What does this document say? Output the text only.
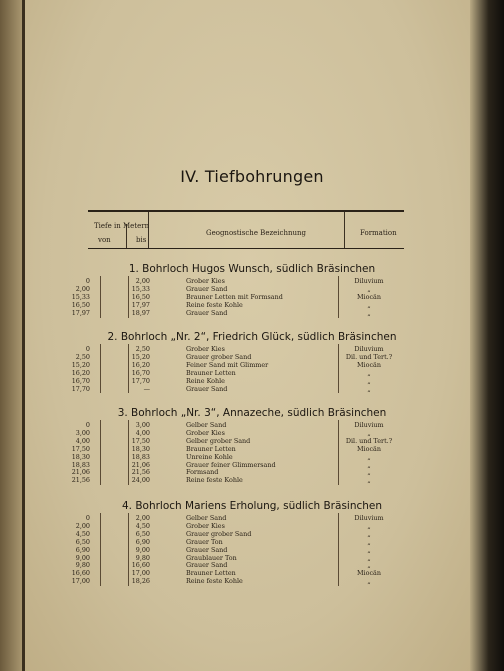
IV. Tiefbohrungen
Tiefe in Metern
von	bis
Geognostische Bezeichnung	Formation
1. Bohrloch Hugos Wunsch, südlich Bräsinchen
0	2,00	Grober Kies	Diluvium
2,00	15,33	Grauer Sand	„
15,33	16,50	Brauner Letten mit Formsand	Miocän
16,50	17,97	Reine feste Kohle	„
17,97	18,97	Grauer Sand	„
2. Bohrloch „Nr. 2“, Friedrich Glück, südlich Bräsinchen
0	2,50	Grober Kies	Diluvium
2,50	15,20	Grauer grober Sand	Dil. und Tert.?
15,20	16,20	Feiner Sand mit Glimmer	Miocän
16,20	16,70	Brauner Letten	„
16,70	17,70	Reine Kohle	„
17,70	—	Grauer Sand	„
3. Bohrloch „Nr. 3“, Annazeche, südlich Bräsinchen
0	3,00	Gelber Sand	Diluvium
3,00	4,00	Grober Kies	„
4,00	17,50	Gelber grober Sand	Dil. und Tert.?
17,50	18,30	Brauner Letten	Miocän
18,30	18,83	Unreine Kohle	„
18,83	21,06	Grauer feiner Glimmersand	„
21,06	21,56	Formsand	„
21,56	24,00	Reine feste Kohle	„
4. Bohrloch Mariens Erholung, südlich Bräsinchen
0	2,00	Gelber Sand	Diluvium
2,00	4,50	Grober Kies	„
4,50	6,50	Grauer grober Sand	„
6,50	6,90	Grauer Ton	„
6,90	9,00	Grauer Sand	„
9,00	9,80	Graublauer Ton	„
9,80	16,60	Grauer Sand	„
16,60	17,00	Brauner Letten	Miocän
17,00	18,26	Reine feste Kohle	„
